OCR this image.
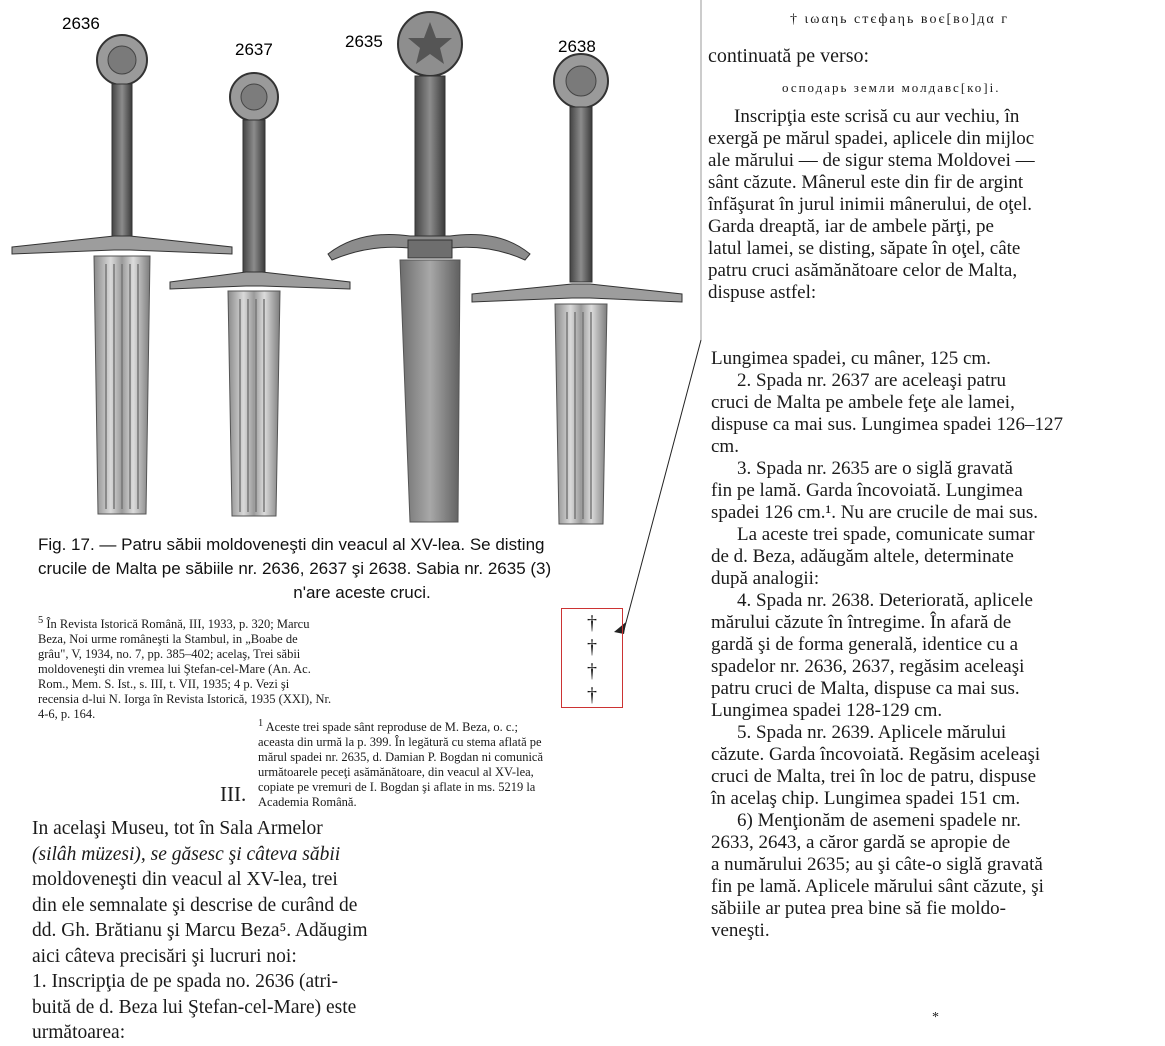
2636
2637	2635	2638
Fig. 17. — Patru săbii moldoveneşti din veacul al XV-lea. Se disting
crucile de Malta pe săbiile nr. 2636, 2637 şi 2638. Sabia nr. 2635 (3)
n'are aceste cruci.
$^5$ În Revista Istorică Română, III, 1933, p. 320; Marcu
Beza, Noi urme româneşti la Stambul, in „Boabe de
grâu", V, 1934, no. 7, pp. 385–402; acelaş, Trei săbii
moldoveneşti din vremea lui Ştefan-cel-Mare (An. Ac.
Rom., Mem. S. Ist., s. III, t. VII, 1935; 4 p. Vezi şi
recensia d-lui N. Iorga în Revista Istorică, 1935 (XXI), Nr.
4-6, p. 164.
†
†
†
†
$^1$ Aceste trei spade sânt reproduse de M. Beza, o. c.;
aceasta din urmă la p. 399. În legătură cu stema aflată pe
mărul spadei nr. 2635, d. Damian P. Bogdan ni comunică
următoarele peceţi asămănătoare, din veacul al XV-lea,
copiate pe vremuri de I. Bogdan şi aflate in ms. 5219 la
Academia Română.
III.
In acelaşi Museu, tot în Sala Armelor
(silâh müzesi), se găsesc şi câteva săbii
moldoveneşti din veacul al XV-lea, trei
din ele semnalate şi descrise de curând de
dd. Gh. Brătianu şi Marcu Beza⁵. Adăugim
aici câteva precisări şi lucruri noi:
1. Inscripţia de pe spada no. 2636 (atri-
buită de d. Beza lui Ştefan-cel-Mare) este
următoarea:
† ιωαηь стєфаηь вοє[во]дα г
continuată pe verso:
осподарь земли молдавс[ко]і.
Inscripţia este scrisă cu aur vechiu, în
exergă pe mărul spadei, aplicele din mijloc
ale mărului — de sigur stema Moldovei —
sânt căzute. Mânerul este din fir de argint
înfăşurat în jurul inimii mânerului, de oţel.
Garda dreaptă, iar de ambele părţi, pe
latul lamei, se disting, săpate în oţel, câte
patru cruci asămănătoare celor de Malta,
dispuse astfel:
Lungimea spadei, cu mâner, 125 cm.
2. Spada nr. 2637 are aceleaşi patru
cruci de Malta pe ambele feţe ale lamei,
dispuse ca mai sus. Lungimea spadei 126–127
cm.
3. Spada nr. 2635 are o siglă gravată
fin pe lamă. Garda încovoiată. Lungimea
spadei 126 cm.¹. Nu are crucile de mai sus.
La aceste trei spade, comunicate sumar
de d. Beza, adăugăm altele, determinate
după analogii:
4. Spada nr. 2638. Deteriorată, aplicele
mărului căzute în întregime. În afară de
gardă şi de forma generală, identice cu a
spadelor nr. 2636, 2637, regăsim aceleaşi
patru cruci de Malta, dispuse ca mai sus.
Lungimea spadei 128-129 cm.
5. Spada nr. 2639. Aplicele mărului
căzute. Garda încovoiată. Regăsim aceleaşi
cruci de Malta, trei în loc de patru, dispuse
în acelaş chip. Lungimea spadei 151 cm.
6) Menţionăm de asemeni spadele nr.
2633, 2643, a căror gardă se apropie de
a numărului 2635; au şi câte-o siglă gravată
fin pe lamă. Aplicele mărului sânt căzute, şi
săbiile ar putea prea bine să fie moldo-
veneşti.
*
